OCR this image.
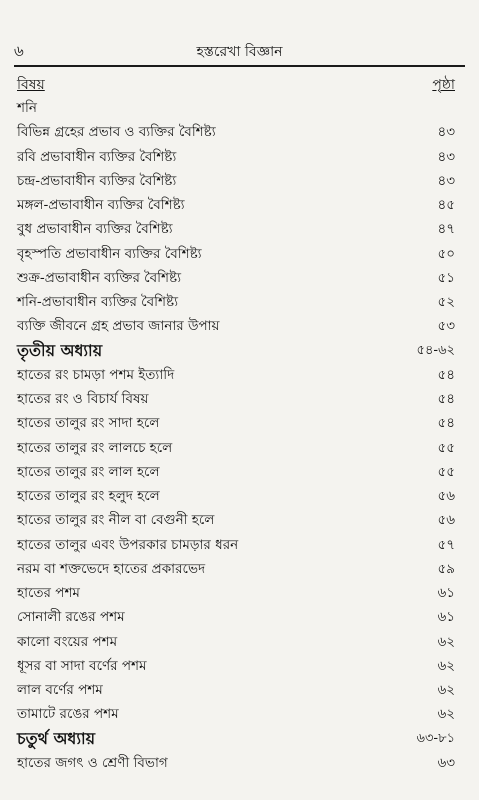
৬	হস্তরেখা বিজ্ঞান
বিষয়	পৃষ্ঠা
শনি
বিভিন্ন গ্রহের প্রভাব ও ব্যক্তির বৈশিষ্ট্য	৪৩
রবি প্রভাবাধীন ব্যক্তির বৈশিষ্ট্য	৪৩
চন্দ্র-প্রভাবাধীন ব্যক্তির বৈশিষ্ট্য	৪৩
মঙ্গল-প্রভাবাধীন ব্যক্তির বৈশিষ্ট্য	৪৫
বুধ প্রভাবাধীন ব্যক্তির বৈশিষ্ট্য	৪৭
বৃহস্পতি প্রভাবাধীন ব্যক্তির বৈশিষ্ট্য	৫০
শুক্র-প্রভাবাধীন ব্যক্তির বৈশিষ্ট্য	৫১
শনি-প্রভাবাধীন ব্যক্তির বৈশিষ্ট্য	৫২
ব্যক্তি জীবনে গ্রহ প্রভাব জানার উপায়	৫৩
তৃতীয় অধ্যায়	৫৪-৬২
হাতের রং চামড়া পশম ইত্যাদি	৫৪
হাতের রং ও বিচার্য বিষয়	৫৪
হাতের তালুর রং সাদা হলে	৫৪
হাতের তালুর রং লালচে হলে	৫৫
হাতের তালুর রং লাল হলে	৫৫
হাতের তালুর রং হলুদ হলে	৫৬
হাতের তালুর রং নীল বা বেগুনী হলে	৫৬
হাতের তালুর এবং উপরকার চামড়ার ধরন	৫৭
নরম বা শক্তভেদে হাতের প্রকারভেদ	৫৯
হাতের পশম	৬১
সোনালী রঙের পশম	৬১
কালো বংয়ের পশম	৬২
ধূসর বা সাদা বর্ণের পশম	৬২
লাল বর্ণের পশম	৬২
তামাটে রঙের পশম	৬২
চতুর্থ অধ্যায়	৬৩-৮১
হাতের জগৎ ও শ্রেণী বিভাগ	৬৩
